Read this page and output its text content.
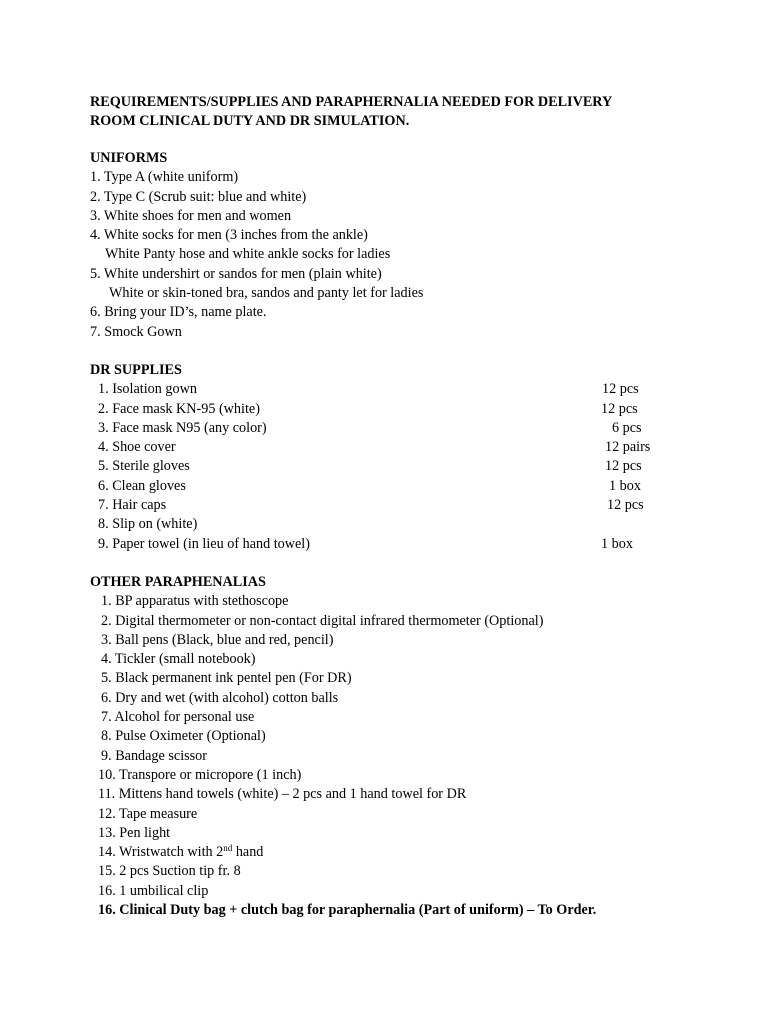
REQUIREMENTS/SUPPLIES AND PARAPHERNALIA NEEDED FOR DELIVERY
ROOM CLINICAL DUTY AND DR SIMULATION.
UNIFORMS
1. Type A (white uniform)
2. Type C (Scrub suit: blue and white)
3. White shoes for men and women
4. White socks for men (3 inches from the ankle)
White Panty hose and white ankle socks for ladies
5. White undershirt or sandos for men (plain white)
White or skin-toned bra, sandos and panty let for ladies
6. Bring your ID’s, name plate.
7. Smock Gown
DR SUPPLIES
1. Isolation gown	12 pcs
2. Face mask KN-95 (white)	12 pcs
3. Face mask N95 (any color)	6 pcs
4. Shoe cover	12 pairs
5. Sterile gloves	12 pcs
6. Clean gloves	1 box
7. Hair caps	12 pcs
8. Slip on (white)
9. Paper towel (in lieu of hand towel)	1 box
OTHER PARAPHENALIAS
1. BP apparatus with stethoscope
2. Digital thermometer or non-contact digital infrared thermometer (Optional)
3. Ball pens (Black, blue and red, pencil)
4. Tickler (small notebook)
5. Black permanent ink pentel pen (For DR)
6. Dry and wet (with alcohol) cotton balls
7. Alcohol for personal use
8. Pulse Oximeter (Optional)
9. Bandage scissor
10. Transpore or micropore (1 inch)
11. Mittens hand towels (white) – 2 pcs and 1 hand towel for DR
12. Tape measure
13. Pen light
14. Wristwatch with 2nd hand
15. 2 pcs Suction tip fr. 8
16. 1 umbilical clip
16. Clinical Duty bag + clutch bag for paraphernalia (Part of uniform) – To Order.
